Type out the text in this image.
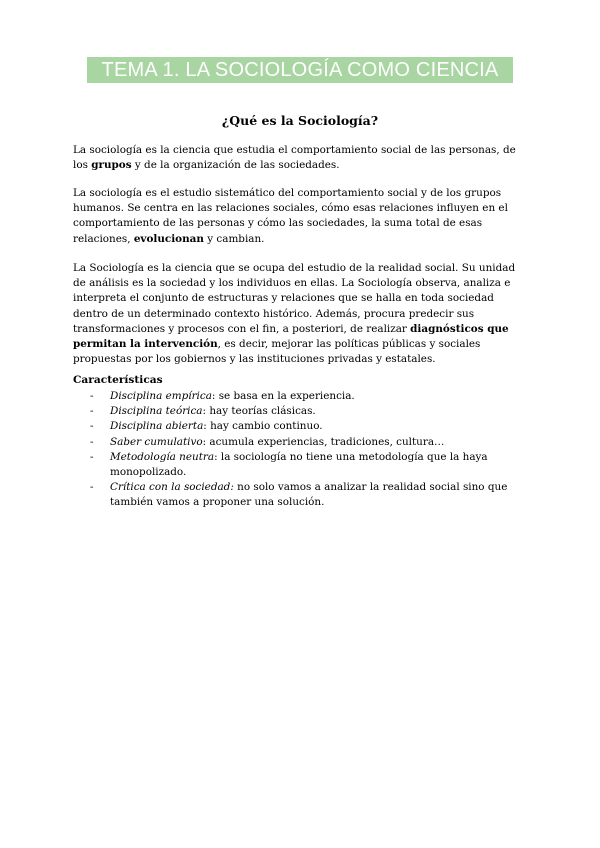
TEMA 1. LA SOCIOLOGÍA COMO CIENCIA
¿Qué es la Sociología?
La sociología es la ciencia que estudia el comportamiento social de las personas, de los grupos y de la organización de las sociedades.
La sociología es el estudio sistemático del comportamiento social y de los grupos humanos. Se centra en las relaciones sociales, cómo esas relaciones influyen en el comportamiento de las personas y cómo las sociedades, la suma total de esas relaciones, evolucionan y cambian.
La Sociología es la ciencia que se ocupa del estudio de la realidad social. Su unidad de análisis es la sociedad y los individuos en ellas. La Sociología observa, analiza e interpreta el conjunto de estructuras y relaciones que se halla en toda sociedad dentro de un determinado contexto histórico. Además, procura predecir sus transformaciones y procesos con el fin, a posteriori, de realizar diagnósticos que permitan la intervención, es decir, mejorar las políticas públicas y sociales propuestas por los gobiernos y las instituciones privadas y estatales.
Características
- Disciplina empírica: se basa en la experiencia.
- Disciplina teórica: hay teorías clásicas.
- Disciplina abierta: hay cambio continuo.
- Saber cumulativo: acumula experiencias, tradiciones, cultura…
- Metodología neutra: la sociología no tiene una metodología que la haya monopolizado.
- Crítica con la sociedad: no solo vamos a analizar la realidad social sino que también vamos a proponer una solución.
